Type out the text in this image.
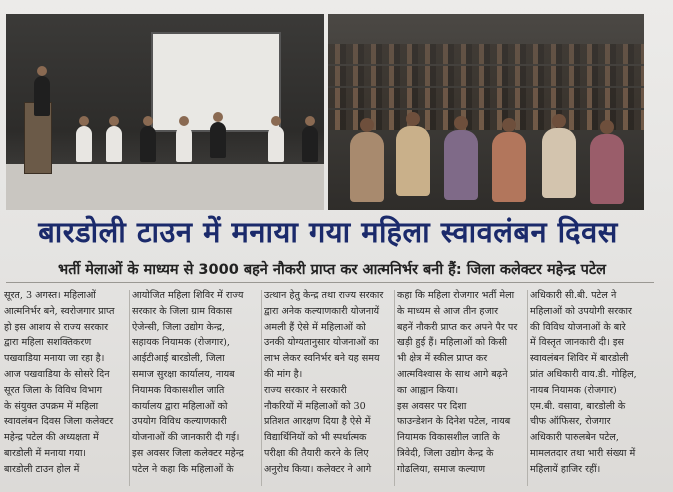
बारडोली टाउन में मनाया गया महिला स्वावलंबन दिवस
भर्ती मेलाओं के माध्यम से 3000 बहने नौकरी प्राप्त कर आत्मनिर्भर बनी हैं: जिला कलेक्टर महेन्द्र पटेल

सूरत, 3 अगस्त। महिलाओं

आत्मनिर्भर बने, स्वरोजगार प्राप्त

हो इस आशय से राज्य सरकार

द्वारा महिला सशक्तिकरण

पखवाडिया मनाया जा रहा है।

आज पखवाडिया के सोसरे दिन

सूरत जिला के विविध विभाग

के संयुक्त उपक्रम में महिला

स्वावलंबन दिवस जिला कलेक्टर

महेन्द्र पटेल की अध्यक्षता में

बारडोली में मनाया गया।

बारडोली टाउन होल में

आयोजित महिला शिविर में राज्य

सरकार के जिला ग्राम विकास

ऐजेन्सी, जिला उद्योग केन्द्र,

सहायक नियामक (रोजगार),

आईटीआई बारडोली, जिला

समाज सुरक्षा कार्यालय, नायब

नियामक विकासशील जाति

कार्यालय द्वारा महिलाओं को

उपयोग विविध कल्याणकारी

योजनाओं की जानकारी दी गई।

इस अवसर जिला कलेक्टर महेन्द्र

पटेल ने कहा कि महिलाओं के

उत्थान हेतु केन्द्र तथा राज्य सरकार

द्वारा अनेक कल्याणकारी योजनायें

अमली हैं ऐसे में महिलाओं को

उनकी योग्यतानुसार योजनाओं का

लाभ लेकर स्वनिर्भर बने यह समय

की मांग है।

राज्य सरकार ने सरकारी

नौकरियों में महिलाओं को 30

प्रतिशत आरक्षण दिया है ऐसे में

विद्यार्थिनियों को भी स्पर्धात्मक

परीक्षा की तैयारी करने के लिए

अनुरोध किया। कलेक्टर ने आगे

कहा कि महिला रोजगार भर्ती मेला

के माध्यम से आज तीन हजार

बहनें नौकरी प्राप्त कर अपने पैर पर

खड़ी हुई हैं। महिलाओं को किसी

भी क्षेत्र में स्कील प्राप्त कर

आत्मविश्वास के साथ आगे बढ़ने

का आह्वान किया।

इस अवसर पर दिशा

फाउन्डेशन के दिनेश पटेल, नायब

नियामक विकासशील जाति के

त्रिवेदी, जिला उद्योग केन्द्र के

गोढलिया, समाज कल्याण

अधिकारी सी.बी. पटेल ने

महिलाओं को उपयोगी सरकार

की विविध योजनाओं के बारे

में विस्तृत जानकारी दी। इस

स्वावलंबन शिविर में बारडोली

प्रांत अधिकारी वाय.डी. गोहिल,

नायब नियामक (रोजगार)

एम.बी. वसावा, बारडोली के

चीफ ऑफिसर, रोजगार

अधिकारी पारुलबेन पटेल,

मामलतदार तथा भारी संख्या में

महिलायें हाजिर रहीं।
